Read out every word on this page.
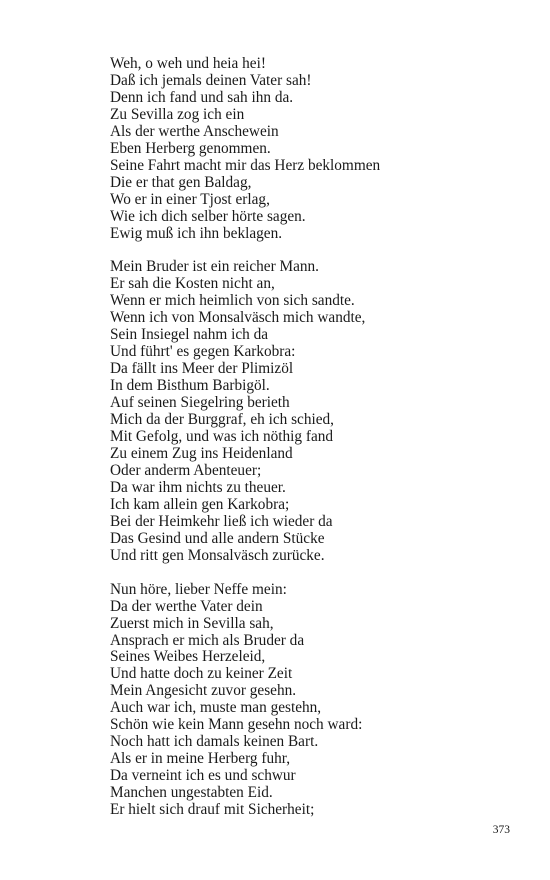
Weh, o weh und heia hei!
Daß ich jemals deinen Vater sah!
Denn ich fand und sah ihn da.
Zu Sevilla zog ich ein
Als der werthe Anschewein
Eben Herberg genommen.
Seine Fahrt macht mir das Herz beklommen
Die er that gen Baldag,
Wo er in einer Tjost erlag,
Wie ich dich selber hörte sagen.
Ewig muß ich ihn beklagen.
Mein Bruder ist ein reicher Mann.
Er sah die Kosten nicht an,
Wenn er mich heimlich von sich sandte.
Wenn ich von Monsalväsch mich wandte,
Sein Insiegel nahm ich da
Und führt' es gegen Karkobra:
Da fällt ins Meer der Plimizöl
In dem Bisthum Barbigöl.
Auf seinen Siegelring berieth
Mich da der Burggraf, eh ich schied,
Mit Gefolg, und was ich nöthig fand
Zu einem Zug ins Heidenland
Oder anderm Abenteuer;
Da war ihm nichts zu theuer.
Ich kam allein gen Karkobra;
Bei der Heimkehr ließ ich wieder da
Das Gesind und alle andern Stücke
Und ritt gen Monsalväsch zurücke.
Nun höre, lieber Neffe mein:
Da der werthe Vater dein
Zuerst mich in Sevilla sah,
Ansprach er mich als Bruder da
Seines Weibes Herzeleid,
Und hatte doch zu keiner Zeit
Mein Angesicht zuvor gesehn.
Auch war ich, muste man gestehn,
Schön wie kein Mann gesehn noch ward:
Noch hatt ich damals keinen Bart.
Als er in meine Herberg fuhr,
Da verneint ich es und schwur
Manchen ungestabten Eid.
Er hielt sich drauf mit Sicherheit;
373
